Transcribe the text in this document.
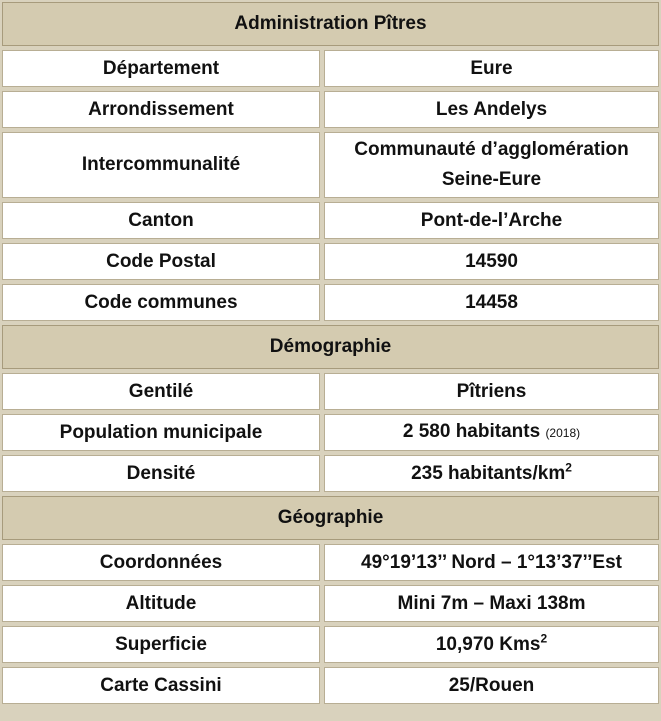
Administration Pîtres	
Département	Eure
Arrondissement	Les Andelys
Intercommunalité	Communauté d’agglomération
Seine-Eure

Canton	Pont-de-l’Arche
Code Postal	14590
Code communes	14458
Démographie	
Gentilé	Pîtriens
Population municipale	2 580 habitants (2018)
Densité	235 habitants/$km^2$
Géographie	
Coordonnées	49°19’13’’ Nord – 1°13’37’’Est
Altitude	Mini 7m – Maxi 138m
Superficie	10,970 Kms$^2$
Carte Cassini	25/Rouen
